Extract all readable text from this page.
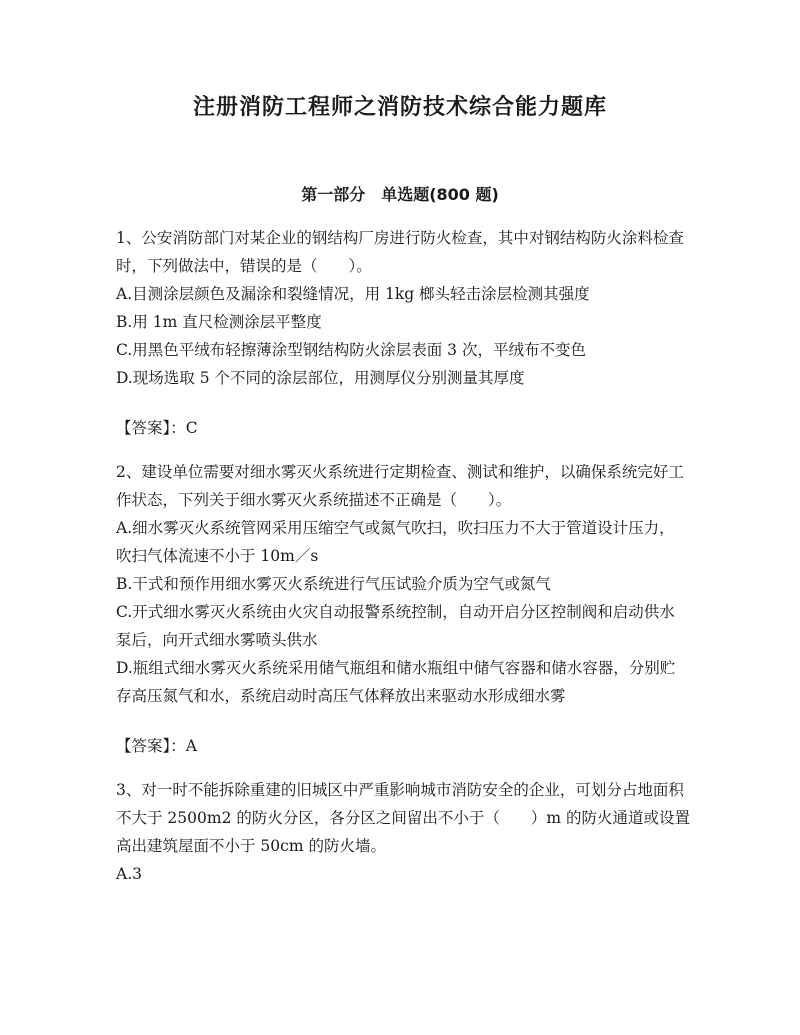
注册消防工程师之消防技术综合能力题库
第一部分　单选题(800 题)

1、公安消防部门对某企业的钢结构厂房进行防火检查，其中对钢结构防火涂料检查时，下列做法中，错误的是（　　）。

A.目测涂层颜色及漏涂和裂缝情况，用 1kg 榔头轻击涂层检测其强度
B.用 1m 直尺检测涂层平整度
C.用黑色平绒布轻擦薄涂型钢结构防火涂层表面 3 次，平绒布不变色
D.现场选取 5 个不同的涂层部位，用测厚仪分别测量其厚度

【答案】：C

2、建设单位需要对细水雾灭火系统进行定期检查、测试和维护，以确保系统完好工作状态，下列关于细水雾灭火系统描述不正确是（　　）。

A.细水雾灭火系统管网采用压缩空气或氮气吹扫，吹扫压力不大于管道设计压力，吹扫气体流速不小于 10m／s
B.干式和预作用细水雾灭火系统进行气压试验介质为空气或氮气
C.开式细水雾灭火系统由火灾自动报警系统控制，自动开启分区控制阀和启动供水泵后，向开式细水雾喷头供水
D.瓶组式细水雾灭火系统采用储气瓶组和储水瓶组中储气容器和储水容器，分别贮存高压氮气和水，系统启动时高压气体释放出来驱动水形成细水雾

【答案】：A

3、对一时不能拆除重建的旧城区中严重影响城市消防安全的企业，可划分占地面积不大于 2500m2 的防火分区，各分区之间留出不小于（　　）m 的防火通道或设置高出建筑屋面不小于 50cm 的防火墙。

A.3
